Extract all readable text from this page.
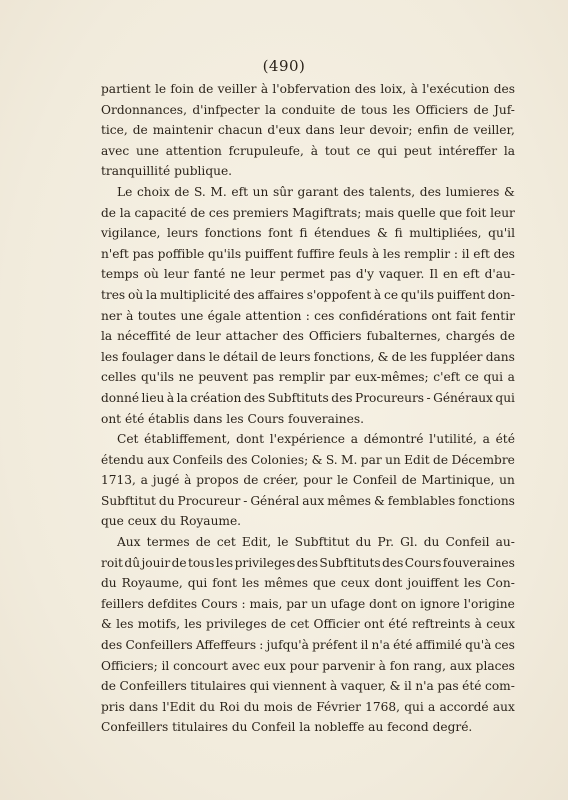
(490)
partient le foin de veiller à l'obfervation des loix, à l'exécution des
Ordonnances, d'infpecter la conduite de tous les Officiers de Juf-
tice, de maintenir chacun d'eux dans leur devoir; enfin de veiller,
avec une attention fcrupuleufe, à tout ce qui peut intéreffer la
tranquillité publique.
Le choix de S. M. eft un sûr garant des talents, des lumieres &
de la capacité de ces premiers Magiftrats; mais quelle que foit leur
vigilance, leurs fonctions font fi étendues & fi multipliées, qu'il
n'eft pas poffible qu'ils puiffent fuffire feuls à les remplir : il eft des
temps où leur fanté ne leur permet pas d'y vaquer. Il en eft d'au-
tres où la multiplicité des affaires s'oppofent à ce qu'ils puiffent don-
ner à toutes une égale attention : ces confidérations ont fait fentir
la néceffité de leur attacher des Officiers fubalternes, chargés de
les foulager dans le détail de leurs fonctions, & de les fuppléer dans
celles qu'ils ne peuvent pas remplir par eux-mêmes; c'eft ce qui a
donné lieu à la création des Subftituts des Procureurs - Généraux qui
ont été établis dans les Cours fouveraines.
Cet établiffement, dont l'expérience a démontré l'utilité, a été
étendu aux Confeils des Colonies; & S. M. par un Edit de Décembre
1713, a jugé à propos de créer, pour le Confeil de Martinique, un
Subftitut du Procureur - Général aux mêmes & femblables fonctions
que ceux du Royaume.
Aux termes de cet Edit, le Subftitut du Pr. Gl. du Confeil au-
roit dû jouir de tous les privileges des Subftituts des Cours fouveraines
du Royaume, qui font les mêmes que ceux dont jouiffent les Con-
feillers defdites Cours : mais, par un ufage dont on ignore l'origine
& les motifs, les privileges de cet Officier ont été reftreints à ceux
des Confeillers Affeffeurs : jufqu'à préfent il n'a été affimilé qu'à ces
Officiers; il concourt avec eux pour parvenir à fon rang, aux places
de Confeillers titulaires qui viennent à vaquer, & il n'a pas été com-
pris dans l'Edit du Roi du mois de Février 1768, qui a accordé aux
Confeillers titulaires du Confeil la nobleffe au fecond degré.
